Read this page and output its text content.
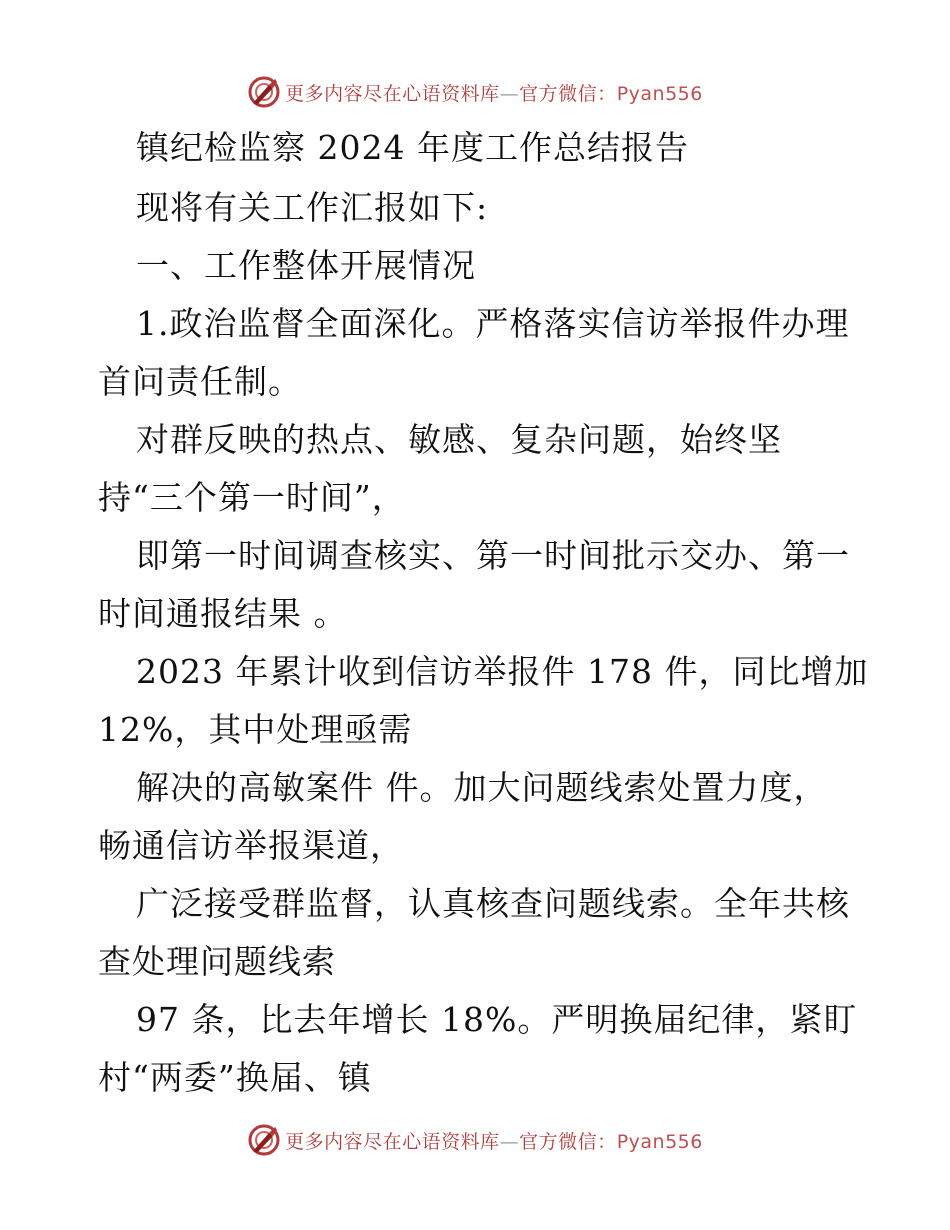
更多内容尽在心语资料库—官方微信：Pyan556
镇纪检监察 2024 年度工作总结报告
现将有关工作汇报如下:
一、工作整体开展情况
1.政治监督全面深化。严格落实信访举报件办理
首问责任制。
对群反映的热点、敏感、复杂问题，始终坚
持“三个第一时间”，
即第一时间调查核实、第一时间批示交办、第一
时间通报结果 。
2023 年累计收到信访举报件 178 件，同比增加
12%，其中处理亟需
解决的高敏案件 件。加大问题线索处置力度，
畅通信访举报渠道，
广泛接受群监督，认真核查问题线索。全年共核
查处理问题线索
97 条，比去年增长 18%。严明换届纪律，紧盯
村“两委”换届、镇
更多内容尽在心语资料库—官方微信：Pyan556
